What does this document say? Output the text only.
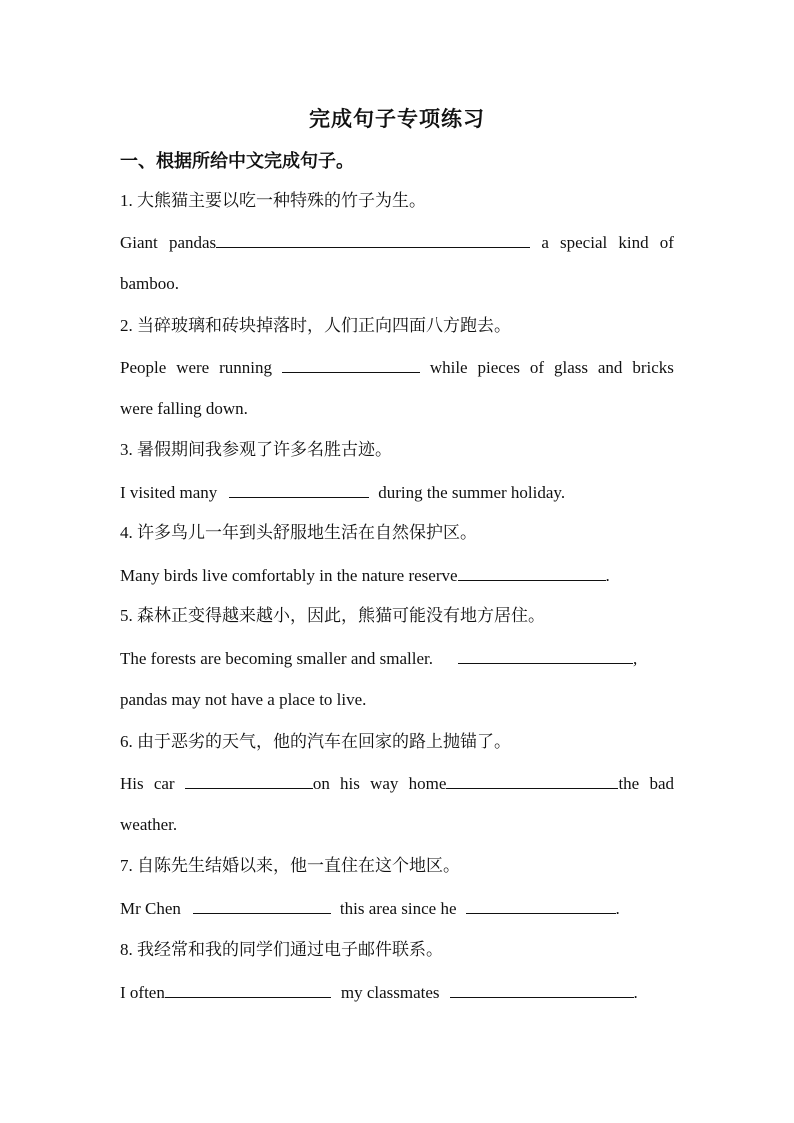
完成句子专项练习
一、根据所给中文完成句子。
1. 大熊猫主要以吃一种特殊的竹子为生。
Giant pandas	a special kind of
bamboo.
2. 当碎玻璃和砖块掉落时，人们正向四面八方跑去。
People were running	while pieces of glass and bricks
were falling down.
3. 暑假期间我参观了许多名胜古迹。
I visited many	during the summer holiday.
4. 许多鸟儿一年到头舒服地生活在自然保护区。
Many birds live comfortably in the nature reserve	.
5. 森林正变得越来越小，因此，熊猫可能没有地方居住。
The forests are becoming smaller and smaller.	,
pandas may not have a place to live.
6. 由于恶劣的天气，他的汽车在回家的路上抛锚了。
His car	on his way home	the bad
weather.
7. 自陈先生结婚以来，他一直住在这个地区。
Mr Chen	this area since he	.
8. 我经常和我的同学们通过电子邮件联系。
I often	my classmates	.
